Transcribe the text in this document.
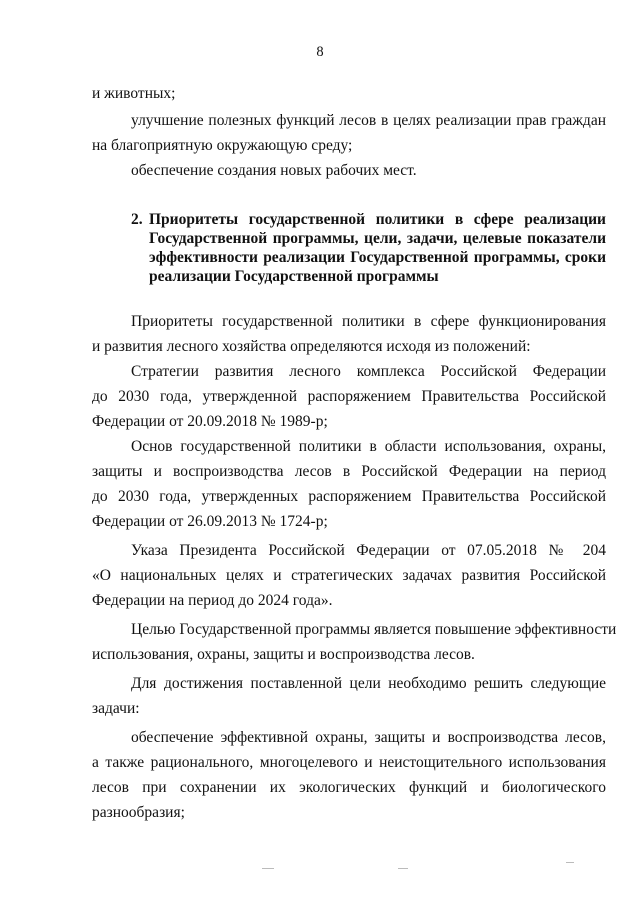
8
и животных;
улучшение полезных функций лесов в целях реализации прав граждан
на благоприятную окружающую среду;
обеспечение создания новых рабочих мест.
2. Приоритеты государственной политики в сфере реализации
Государственной программы, цели, задачи, целевые показатели
эффективности реализации Государственной программы, сроки
реализации Государственной программы
Приоритеты государственной политики в сфере функционирования
и развития лесного хозяйства определяются исходя из положений:
Стратегии развития лесного комплекса Российской Федерации
до 2030 года, утвержденной распоряжением Правительства Российской
Федерации от 20.09.2018 № 1989-р;
Основ государственной политики в области использования, охраны,
защиты и воспроизводства лесов в Российской Федерации на период
до 2030 года, утвержденных распоряжением Правительства Российской
Федерации от 26.09.2013 № 1724-р;
Указа Президента Российской Федерации от 07.05.2018 № 204
«О национальных целях и стратегических задачах развития Российской
Федерации на период до 2024 года».
Целью Государственной программы является повышение эффективности
использования, охраны, защиты и воспроизводства лесов.
Для достижения поставленной цели необходимо решить следующие
задачи:
обеспечение эффективной охраны, защиты и воспроизводства лесов,
а также рационального, многоцелевого и неистощительного использования
лесов при сохранении их экологических функций и биологического
разнообразия;
